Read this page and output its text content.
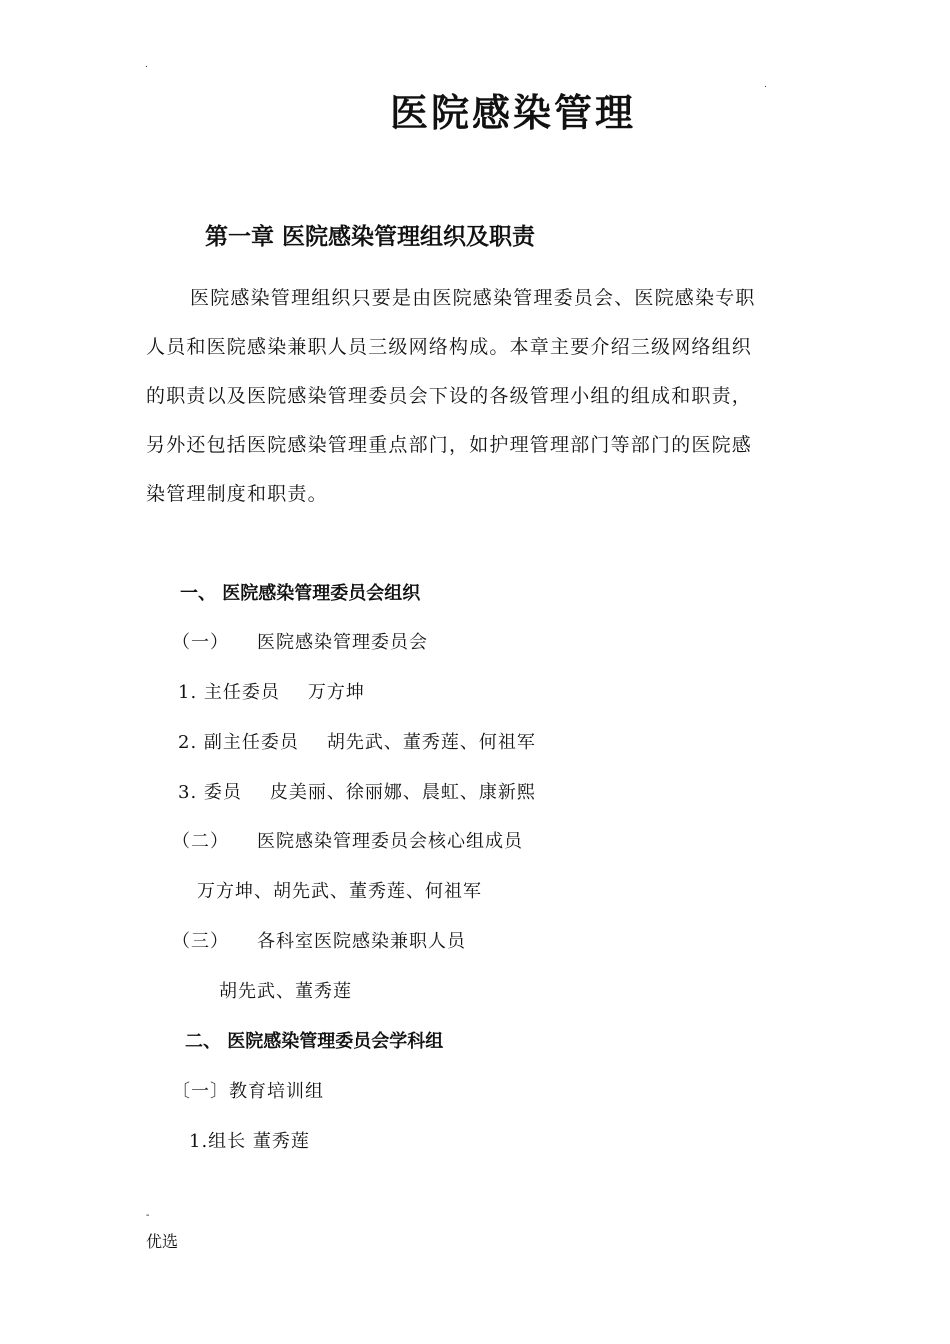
.
.
医院感染管理
第一章 医院感染管理组织及职责

医院感染管理组织只要是由医院感染管理委员会、医院感染专职

人员和医院感染兼职人员三级网络构成。本章主要介绍三级网络组织

的职责以及医院感染管理委员会下设的各级管理小组的组成和职责，

另外还包括医院感染管理重点部门，如护理管理部门等部门的医院感

染管理制度和职责。

一、 医院感染管理委员会组织
（一） 医院感染管理委员会
1. 主任委员 万方坤
2. 副主任委员 胡先武、董秀莲、何祖军
3. 委员 皮美丽、徐丽娜、晨虹、康新熙
（二） 医院感染管理委员会核心组成员
万方坤、胡先武、董秀莲、何祖军
（三） 各科室医院感染兼职人员
胡先武、董秀莲
二、 医院感染管理委员会学科组
〔一〕教育培训组
1.组长 董秀莲
-
优选
